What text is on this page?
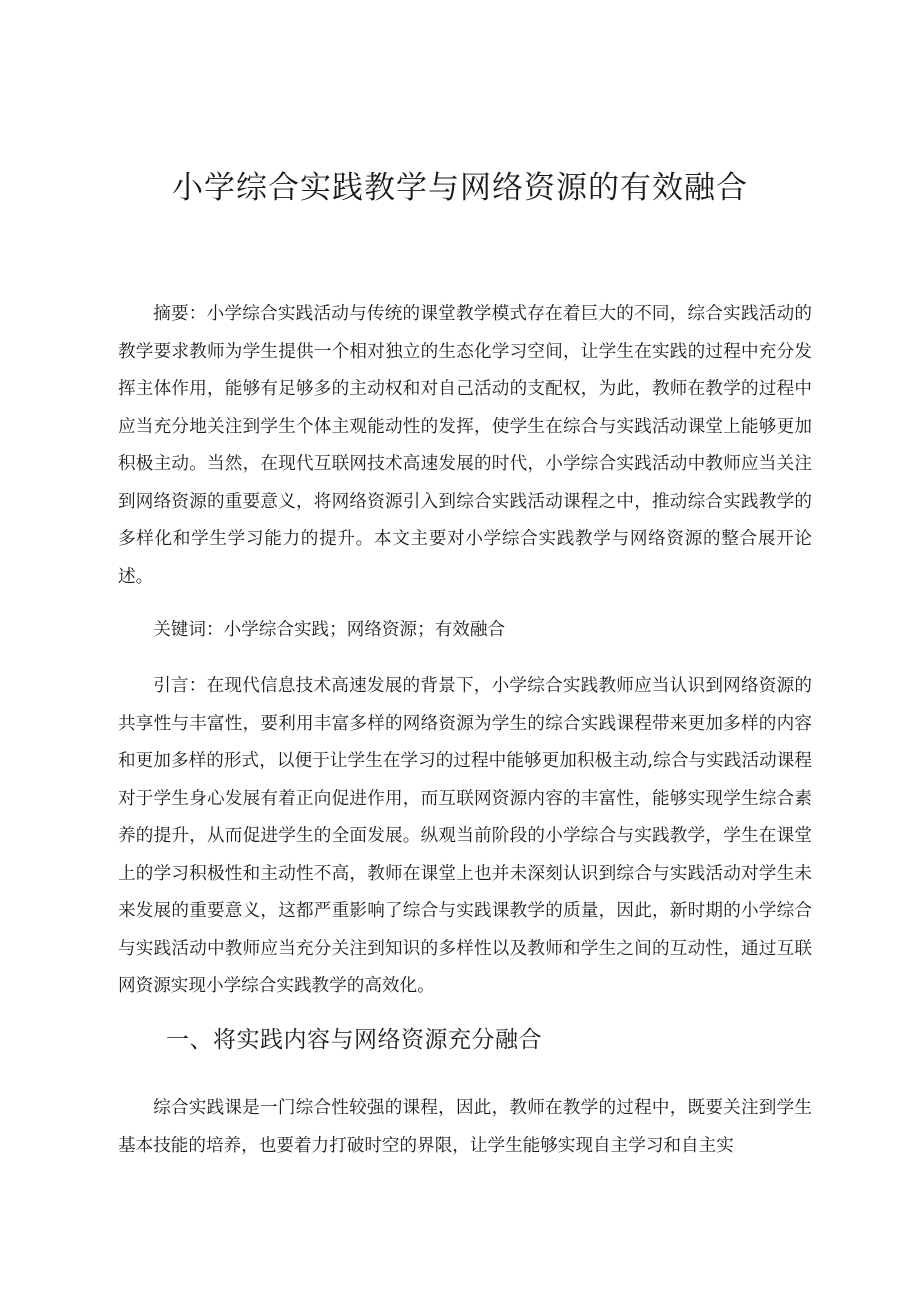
小学综合实践教学与网络资源的有效融合

摘要：小学综合实践活动与传统的课堂教学模式存在着巨大的不同，综合实践活动的教学要求教师为学生提供一个相对独立的生态化学习空间，让学生在实践的过程中充分发挥主体作用，能够有足够多的主动权和对自己活动的支配权，为此，教师在教学的过程中应当充分地关注到学生个体主观能动性的发挥，使学生在综合与实践活动课堂上能够更加积极主动。当然，在现代互联网技术高速发展的时代，小学综合实践活动中教师应当关注到网络资源的重要意义，将网络资源引入到综合实践活动课程之中，推动综合实践教学的多样化和学生学习能力的提升。本文主要对小学综合实践教学与网络资源的整合展开论述。

关键词：小学综合实践；网络资源；有效融合

引言：在现代信息技术高速发展的背景下，小学综合实践教师应当认识到网络资源的共享性与丰富性，要利用丰富多样的网络资源为学生的综合实践课程带来更加多样的内容和更加多样的形式，以便于让学生在学习的过程中能够更加积极主动,综合与实践活动课程对于学生身心发展有着正向促进作用，而互联网资源内容的丰富性，能够实现学生综合素养的提升，从而促进学生的全面发展。纵观当前阶段的小学综合与实践教学，学生在课堂上的学习积极性和主动性不高，教师在课堂上也并未深刻认识到综合与实践活动对学生未来发展的重要意义，这都严重影响了综合与实践课教学的质量，因此，新时期的小学综合与实践活动中教师应当充分关注到知识的多样性以及教师和学生之间的互动性，通过互联网资源实现小学综合实践教学的高效化。

一、将实践内容与网络资源充分融合

综合实践课是一门综合性较强的课程，因此，教师在教学的过程中，既要关注到学生基本技能的培养，也要着力打破时空的界限，让学生能够实现自主学习和自主实
